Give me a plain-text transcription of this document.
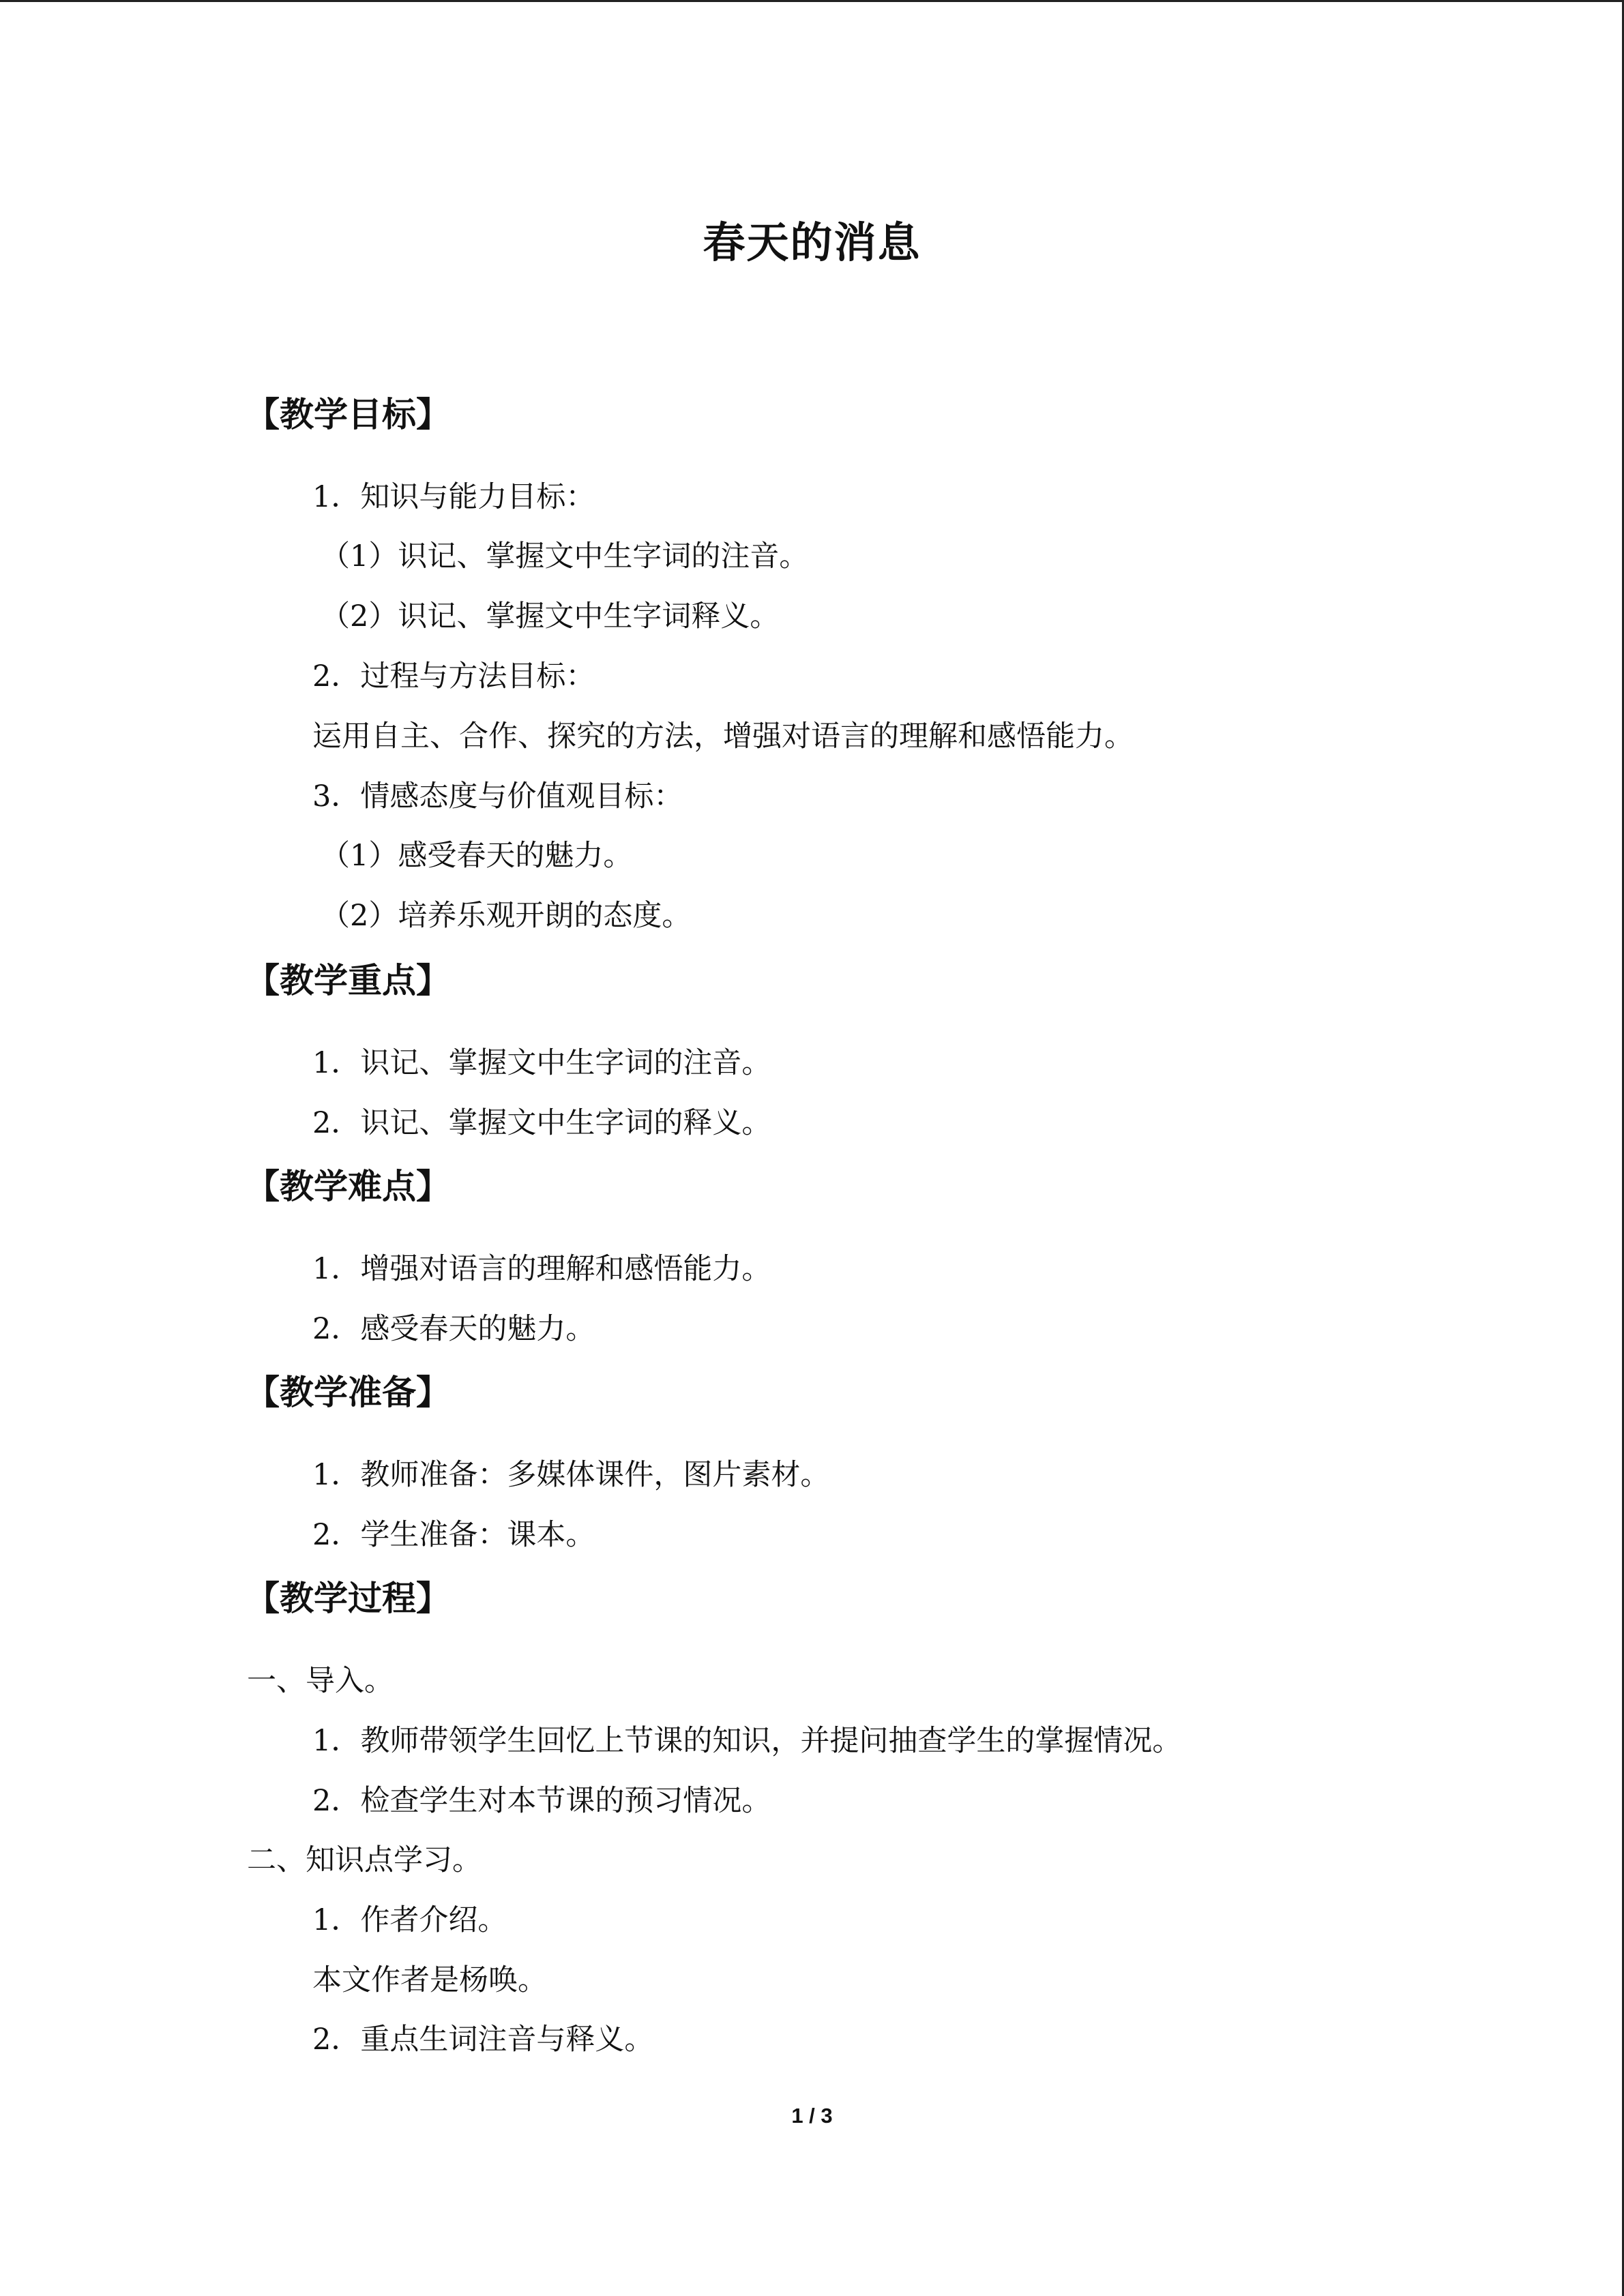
春天的消息
【教学目标】
1．知识与能力目标：
（1）识记、掌握文中生字词的注音。
（2）识记、掌握文中生字词释义。
2．过程与方法目标：
运用自主、合作、探究的方法，增强对语言的理解和感悟能力。
3．情感态度与价值观目标：
（1）感受春天的魅力。
（2）培养乐观开朗的态度。
【教学重点】
1．识记、掌握文中生字词的注音。
2．识记、掌握文中生字词的释义。
【教学难点】
1．增强对语言的理解和感悟能力。
2．感受春天的魅力。
【教学准备】
1．教师准备：多媒体课件，图片素材。
2．学生准备：课本。
【教学过程】
一、导入。
1．教师带领学生回忆上节课的知识，并提问抽查学生的掌握情况。
2．检查学生对本节课的预习情况。
二、知识点学习。
1．作者介绍。
本文作者是杨唤。
2．重点生词注音与释义。
1 / 3
